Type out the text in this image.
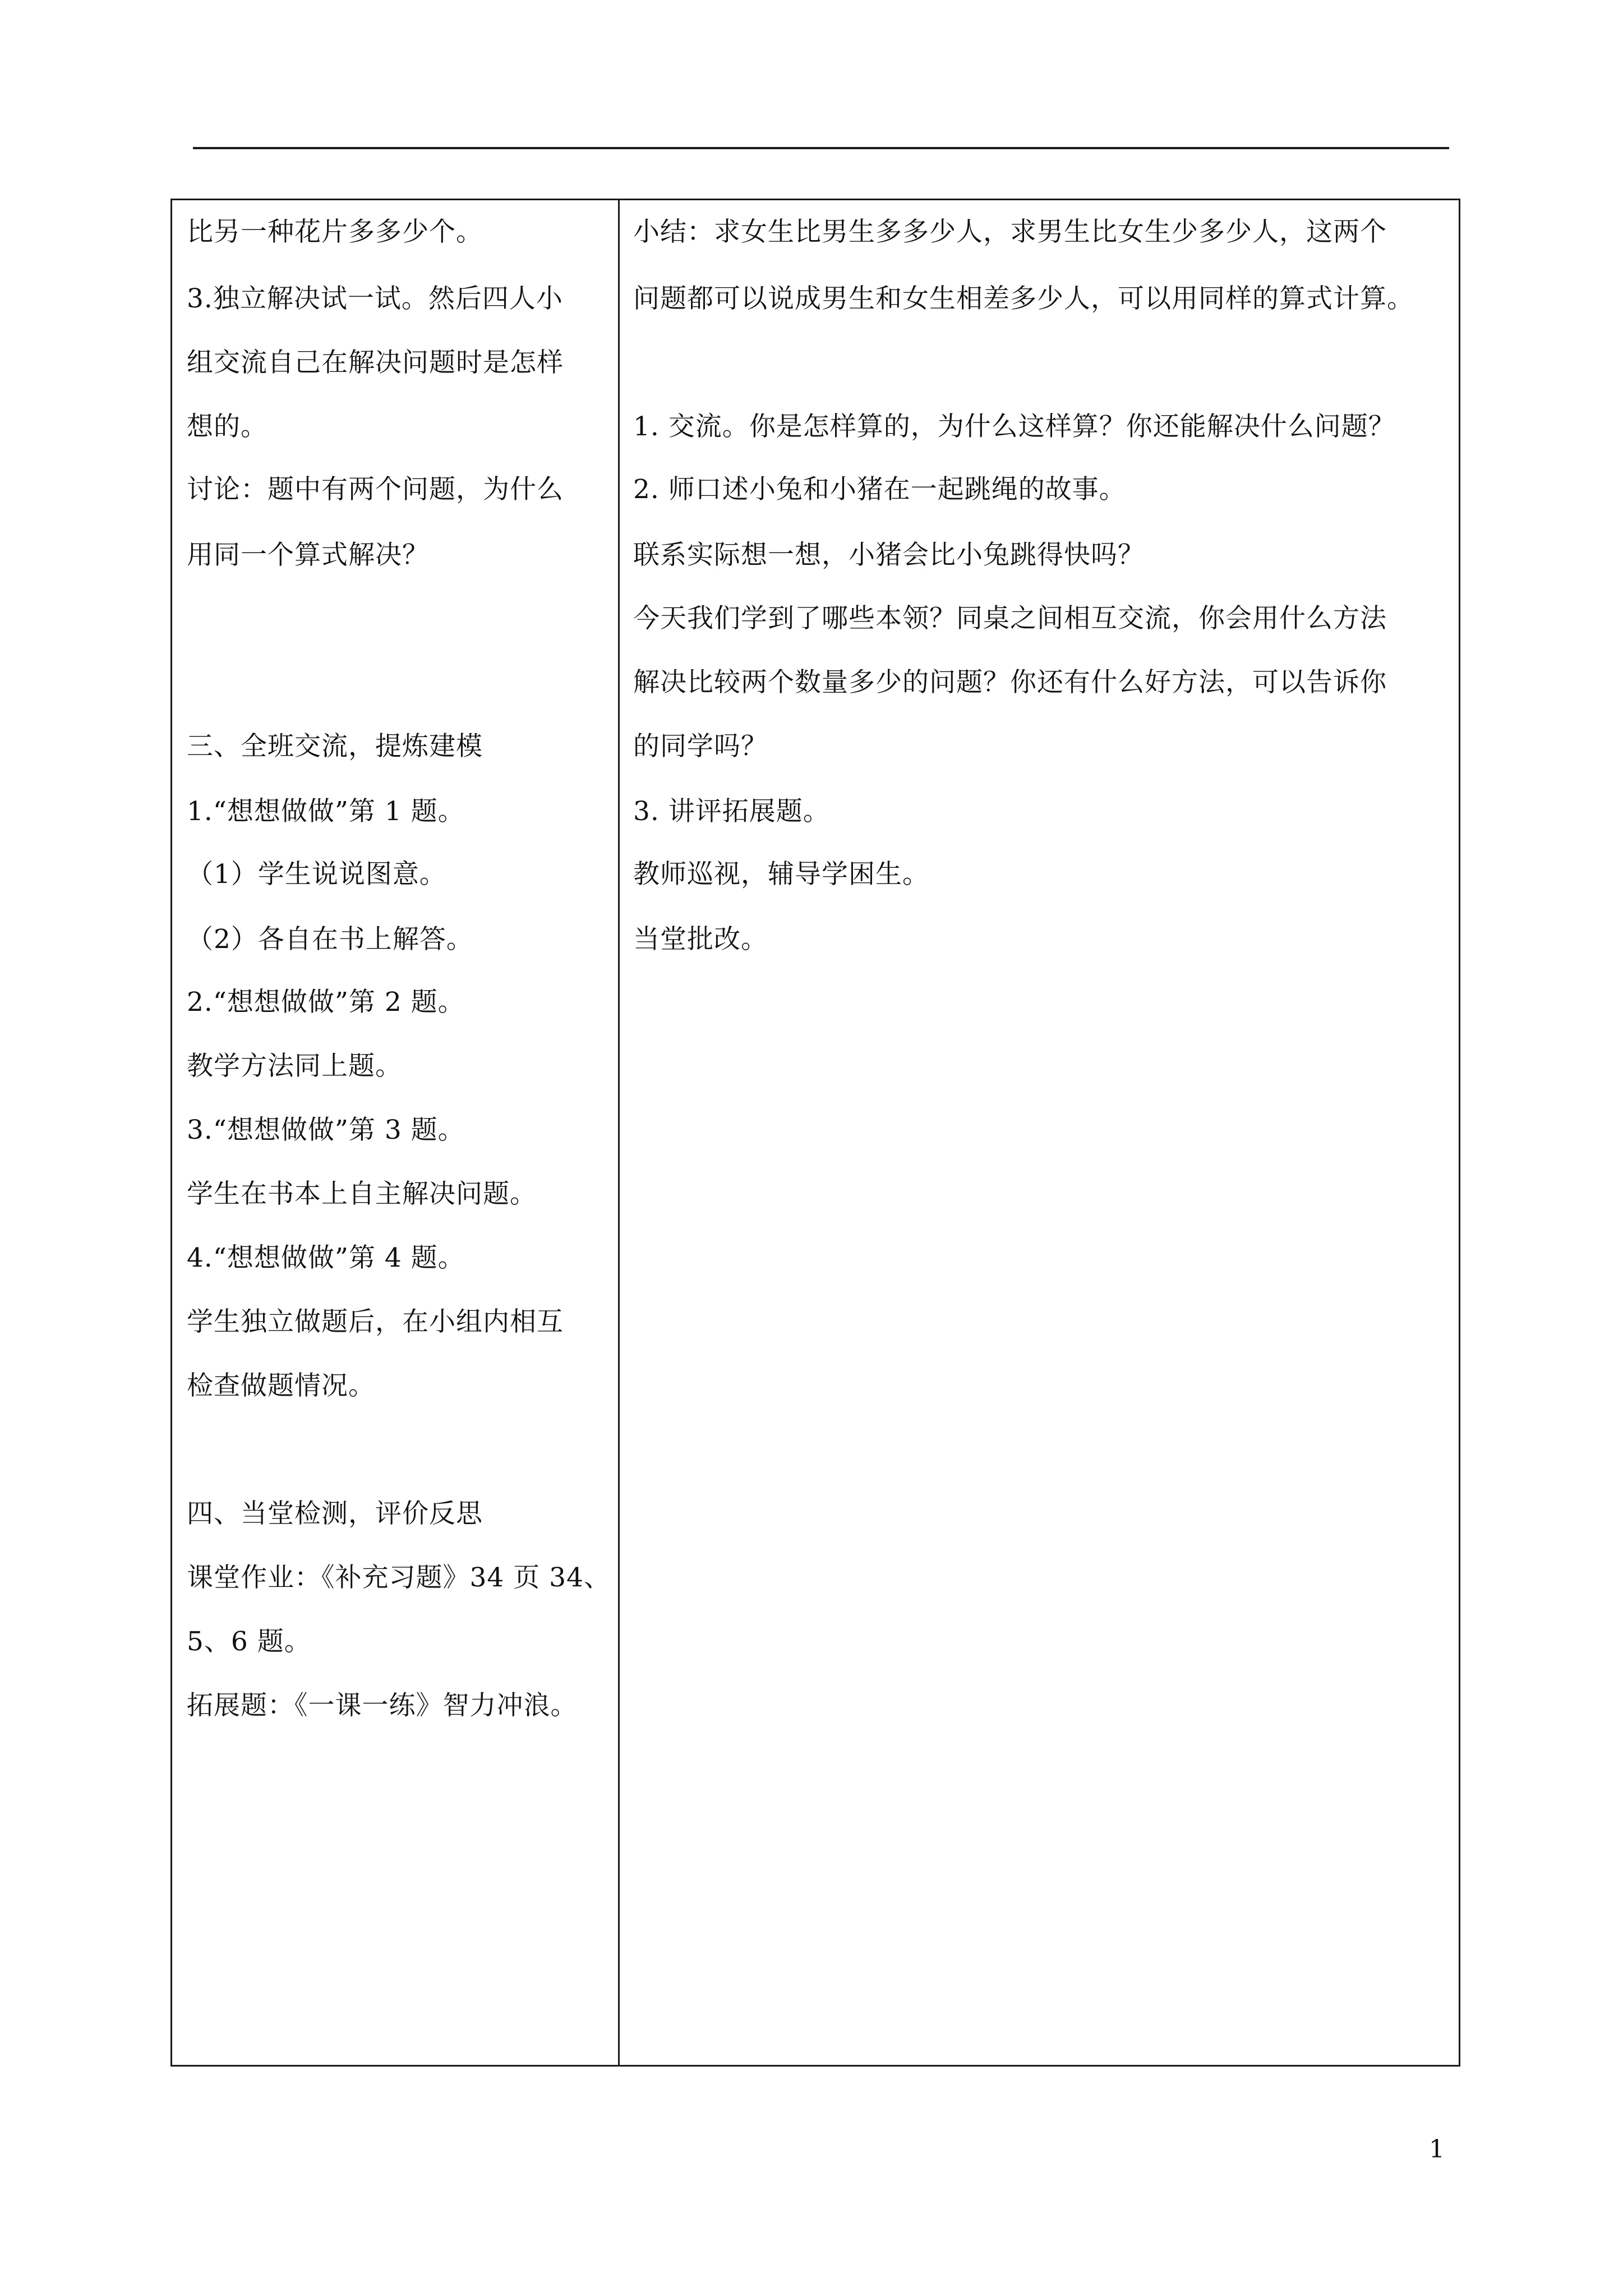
比另一种花片多多少个。
3.独立解决试一试。然后四人小
组交流自己在解决问题时是怎样
想的。
讨论：题中有两个问题，为什么
用同一个算式解决？
三、全班交流，提炼建模
1.“想想做做”第 1 题。
（1）学生说说图意。
（2）各自在书上解答。
2.“想想做做”第 2 题。
教学方法同上题。
3.“想想做做”第 3 题。
学生在书本上自主解决问题。
4.“想想做做”第 4 题。
学生独立做题后，在小组内相互
检查做题情况。
四、当堂检测，评价反思
课堂作业：《补充习题》34 页 34、
5、6 题。
拓展题：《一课一练》智力冲浪。
小结：求女生比男生多多少人，求男生比女生少多少人，这两个
问题都可以说成男生和女生相差多少人，可以用同样的算式计算。
1. 交流。你是怎样算的，为什么这样算？你还能解决什么问题？
2. 师口述小兔和小猪在一起跳绳的故事。
联系实际想一想，小猪会比小兔跳得快吗？
今天我们学到了哪些本领？同桌之间相互交流，你会用什么方法
解决比较两个数量多少的问题？你还有什么好方法，可以告诉你
的同学吗？
3. 讲评拓展题。
教师巡视，辅导学困生。
当堂批改。
1
